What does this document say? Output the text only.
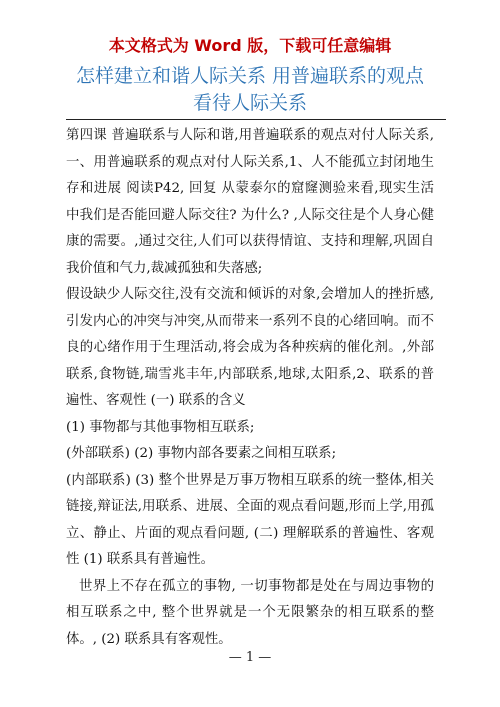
本文格式为 Word 版，下载可任意编辑
怎样建立和谐人际关系 用普遍联系的观点
看待人际关系

第四课 普遍联系与人际和谐,用普遍联系的观点对付人际关系,一、用普遍联系的观点对付人际关系,1、人不能孤立封闭地生存和进展 阅读P42, 回复 从蒙泰尔的窟窿测验来看,现实生活中我们是否能回避人际交往? 为什么? ,人际交往是个人身心健康的需要。,通过交往,人们可以获得情谊、支持和理解,巩固自我价值和气力,裁减孤独和失落感;

假设缺少人际交往,没有交流和倾诉的对象,会增加人的挫折感,引发内心的冲突与冲突,从而带来一系列不良的心绪回响。而不良的心绪作用于生理活动,将会成为各种疾病的催化剂。,外部联系,食物链,瑞雪兆丰年,内部联系,地球,太阳系,2、联系的普遍性、客观性 (一) 联系的含义

(1) 事物都与其他事物相互联系;

(外部联系) (2) 事物内部各要素之间相互联系;

(内部联系) (3) 整个世界是万事万物相互联系的统一整体,相关链接,辩证法,用联系、进展、全面的观点看问题,形而上学,用孤立、静止、片面的观点看问题, (二) 理解联系的普遍性、客观性 (1) 联系具有普遍性。

世界上不存在孤立的事物, 一切事物都是处在与周边事物的相互联系之中, 整个世界就是一个无限繁杂的相互联系的整体。, (2) 联系具有客观性。

— 1 —
